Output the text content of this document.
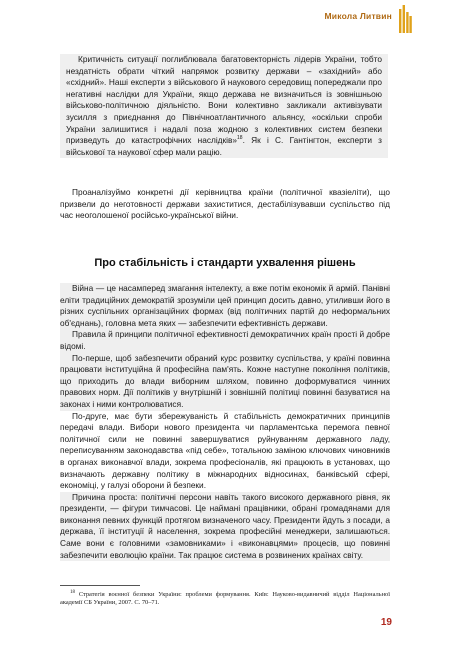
Микола Литвин

Критичність ситуації поглиблювала багатовекторність лідерів України, тобто нездатність обрати чіткий напрямок розвитку держави – «західний» або «східний». Наші експерти з військового й наукового середовищ попереджали про негативні наслідки для України, якщо держава не визначиться із зовнішньою військово-політичною діяльністю. Вони колективно закликали активізувати зусилля з приєднання до Північноатлантичного альянсу, «оскільки спроби України залишитися і надалі поза жодною з колективних систем безпеки призведуть до катастрофічних наслідків»$^{18}$. Як і С. Гантінгтон, експерти з військової та наукової сфер мали рацію.

Проаналізуймо конкретні дії керівництва країни (політичної квазіеліти), що призвели до неготовності держави захиститися, дестабілізувавши суспільство під час неоголошеної російсько-української війни.

Про стабільність і стандарти ухвалення рішень

Війна — це насамперед змагання інтелекту, а вже потім економік й армій. Панівні еліти традиційних демократій зрозуміли цей принцип досить давно, утиливши його в різних суспільних організаційних формах (від політичних партій до неформальних об'єднань), головна мета яких — забезпечити ефективність держави.

Правила й принципи політичної ефективності демократичних країн прості й добре відомі.

По-перше, щоб забезпечити обраний курс розвитку суспільства, у країні повинна працювати інституційна й професійна пам'ять. Кожне наступне покоління політиків, що приходить до влади виборним шляхом, повинно доформуватися чинних правових норм. Дії політиків у внутрішній і зовнішній політиці повинні базуватися на законах і ними контролюватися.

По-друге, має бути збережуваність й стабільність демократичних принципів передачі влади. Вибори нового президента чи парламентська перемога певної політичної сили не повинні завершуватися руйнуванням державного ладу, переписуванням законодавства «під себе», тотальною заміною ключових чиновників в органах виконавчої влади, зокрема професіоналів, які працюють в установах, що визначають державну політику в міжнародних відносинах, банківській сфері, економіці, у галузі оборони й безпеки.

Причина проста: політичні персони навіть такого високого державного рівня, як президенти, — фігури тимчасові. Це наймані працівники, обрані громадянами для виконання певних функцій протягом визначеного часу. Президенти йдуть з посади, а держава, її інституції й населення, зокрема професійні менеджери, залишаються. Саме вони є головними «замовниками» і «виконавцями» процесів, що повинні забезпечити еволюцію країни. Так працює система в розвинених країнах світу.

$^{18}$ Стратегія воєнної безпеки України: проблеми формування. Київ: Науково-видавничий відділ Національної академії СБ України, 2007. С. 70–71.
19
